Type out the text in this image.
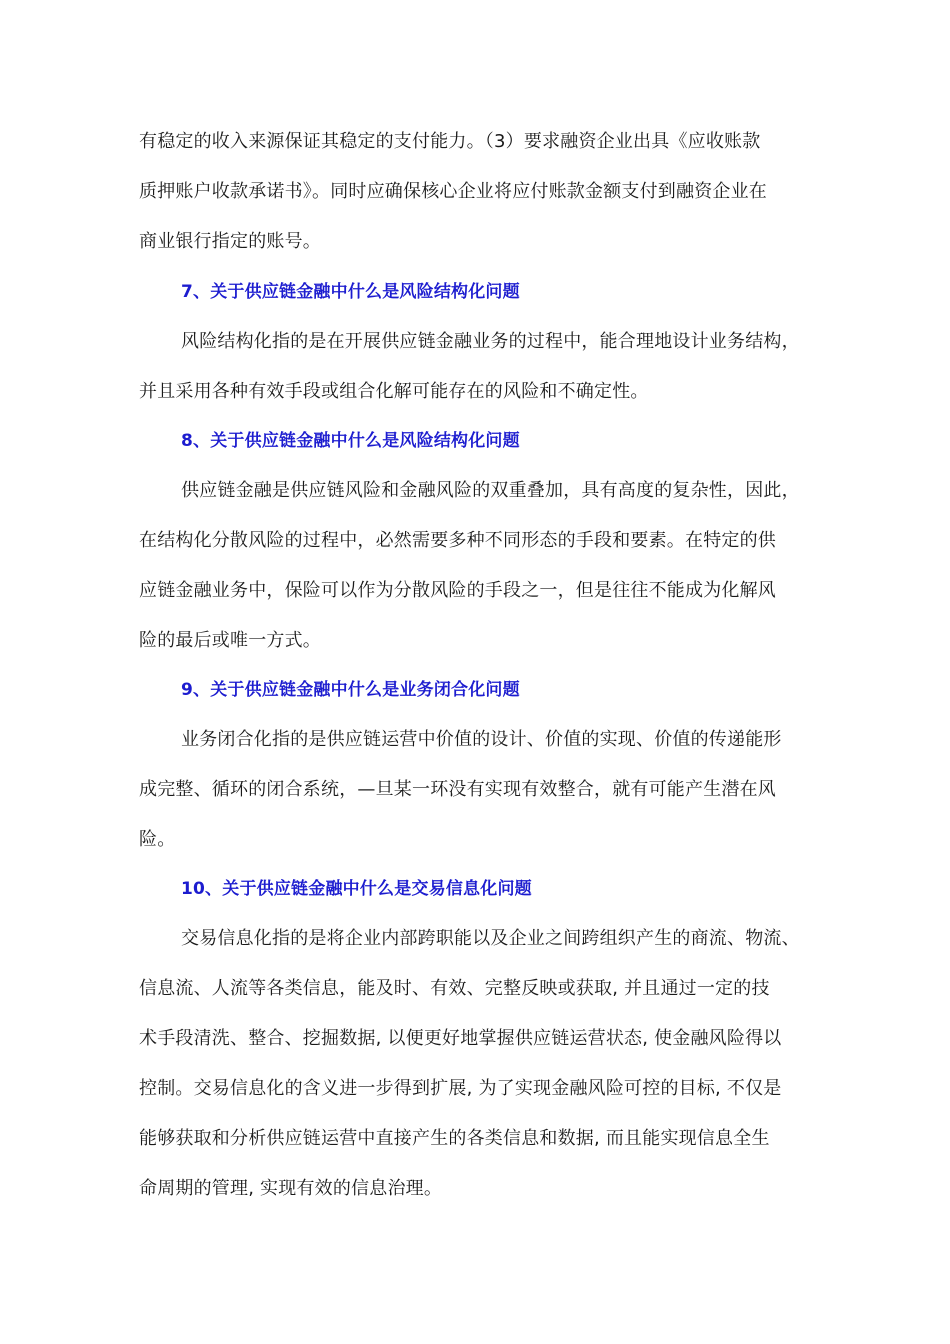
有稳定的收入来源保证其稳定的支付能力。（3）要求融资企业出具《应收账款
质押账户收款承诺书》。同时应确保核心企业将应付账款金额支付到融资企业在
商业银行指定的账号。
7、关于供应链金融中什么是风险结构化问题
风险结构化指的是在开展供应链金融业务的过程中，能合理地设计业务结构，
并且采用各种有效手段或组合化解可能存在的风险和不确定性。
8、关于供应链金融中什么是风险结构化问题
供应链金融是供应链风险和金融风险的双重叠加，具有高度的复杂性，因此，
在结构化分散风险的过程中，必然需要多种不同形态的手段和要素。在特定的供
应链金融业务中，保险可以作为分散风险的手段之一，但是往往不能成为化解风
险的最后或唯一方式。
9、关于供应链金融中什么是业务闭合化问题
业务闭合化指的是供应链运营中价值的设计、价值的实现、价值的传递能形
成完整、循环的闭合系统，—旦某一环没有实现有效整合，就有可能产生潜在风
险。
10、关于供应链金融中什么是交易信息化问题
交易信息化指的是将企业内部跨职能以及企业之间跨组织产生的商流、物流、
信息流、人流等各类信息，能及时、有效、完整反映或获取, 并且通过一定的技
术手段清洗、整合、挖掘数据, 以便更好地掌握供应链运营状态, 使金融风险得以
控制。交易信息化的含义进一步得到扩展, 为了实现金融风险可控的目标, 不仅是
能够获取和分析供应链运营中直接产生的各类信息和数据, 而且能实现信息全生
命周期的管理, 实现有效的信息治理。
